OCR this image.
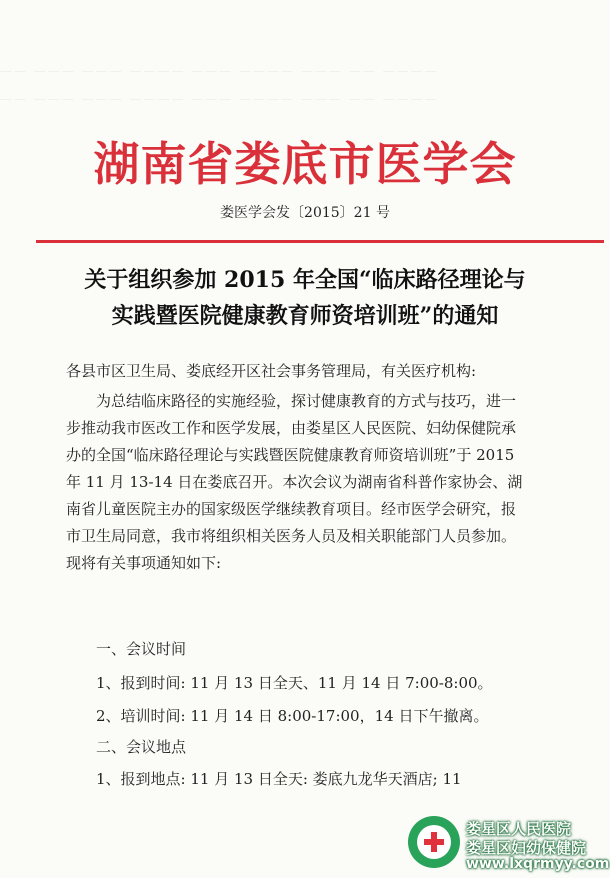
—— ——— ——— ———— ——— ———— ——— —— ————
—— ——— ——— ———— ——— ———— ——— —— ————
湖南省娄底市医学会
娄医学会发〔2015〕21 号
关于组织参加 2015 年全国“临床路径理论与
实践暨医院健康教育师资培训班”的通知
各县市区卫生局、娄底经开区社会事务管理局，有关医疗机构:
为总结临床路径的实施经验，探讨健康教育的方式与技巧，进一步推动我市医改工作和医学发展，由娄星区人民医院、妇幼保健院承办的全国“临床路径理论与实践暨医院健康教育师资培训班”于 2015 年 11 月 13-14 日在娄底召开。本次会议为湖南省科普作家协会、湖南省儿童医院主办的国家级医学继续教育项目。经市医学会研究，报市卫生局同意，我市将组织相关医务人员及相关职能部门人员参加。现将有关事项通知如下:
一、会议时间
1、报到时间: 11 月 13 日全天、11 月 14 日 7:00-8:00。
2、培训时间: 11 月 14 日 8:00-17:00，14 日下午撤离。
二、会议地点
1、报到地点: 11 月 13 日全天: 娄底九龙华天酒店; 11
娄星区人民医院
娄星区妇幼保健院
www.lxqrmyy.com
